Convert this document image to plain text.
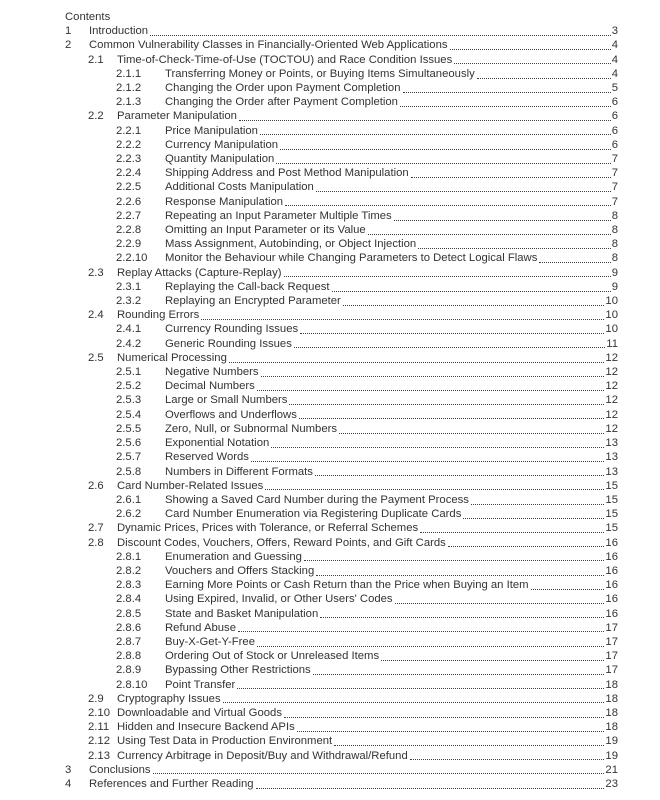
Contents
1	Introduction	3
2	Common Vulnerability Classes in Financially-Oriented Web Applications	4
2.1	Time-of-Check-Time-of-Use (TOCTOU) and Race Condition Issues	4
2.1.1	Transferring Money or Points, or Buying Items Simultaneously	4
2.1.2	Changing the Order upon Payment Completion	5
2.1.3	Changing the Order after Payment Completion	6
2.2	Parameter Manipulation	6
2.2.1	Price Manipulation	6
2.2.2	Currency Manipulation	6
2.2.3	Quantity Manipulation	7
2.2.4	Shipping Address and Post Method Manipulation	7
2.2.5	Additional Costs Manipulation	7
2.2.6	Response Manipulation	7
2.2.7	Repeating an Input Parameter Multiple Times	8
2.2.8	Omitting an Input Parameter or its Value	8
2.2.9	Mass Assignment, Autobinding, or Object Injection	8
2.2.10	Monitor the Behaviour while Changing Parameters to Detect Logical Flaws	8
2.3	Replay Attacks (Capture-Replay)	9
2.3.1	Replaying the Call-back Request	9
2.3.2	Replaying an Encrypted Parameter	10
2.4	Rounding Errors	10
2.4.1	Currency Rounding Issues	10
2.4.2	Generic Rounding Issues	11
2.5	Numerical Processing	12
2.5.1	Negative Numbers	12
2.5.2	Decimal Numbers	12
2.5.3	Large or Small Numbers	12
2.5.4	Overflows and Underflows	12
2.5.5	Zero, Null, or Subnormal Numbers	12
2.5.6	Exponential Notation	13
2.5.7	Reserved Words	13
2.5.8	Numbers in Different Formats	13
2.6	Card Number-Related Issues	15
2.6.1	Showing a Saved Card Number during the Payment Process	15
2.6.2	Card Number Enumeration via Registering Duplicate Cards	15
2.7	Dynamic Prices, Prices with Tolerance, or Referral Schemes	15
2.8	Discount Codes, Vouchers, Offers, Reward Points, and Gift Cards	16
2.8.1	Enumeration and Guessing	16
2.8.2	Vouchers and Offers Stacking	16
2.8.3	Earning More Points or Cash Return than the Price when Buying an Item	16
2.8.4	Using Expired, Invalid, or Other Users' Codes	16
2.8.5	State and Basket Manipulation	16
2.8.6	Refund Abuse	17
2.8.7	Buy-X-Get-Y-Free	17
2.8.8	Ordering Out of Stock or Unreleased Items	17
2.8.9	Bypassing Other Restrictions	17
2.8.10	Point Transfer	18
2.9	Cryptography Issues	18
2.10 Downloadable and Virtual Goods	18
2.11 Hidden and Insecure Backend APIs	18
2.12 Using Test Data in Production Environment	19
2.13 Currency Arbitrage in Deposit/Buy and Withdrawal/Refund	19
3	Conclusions	21
4	References and Further Reading	23
